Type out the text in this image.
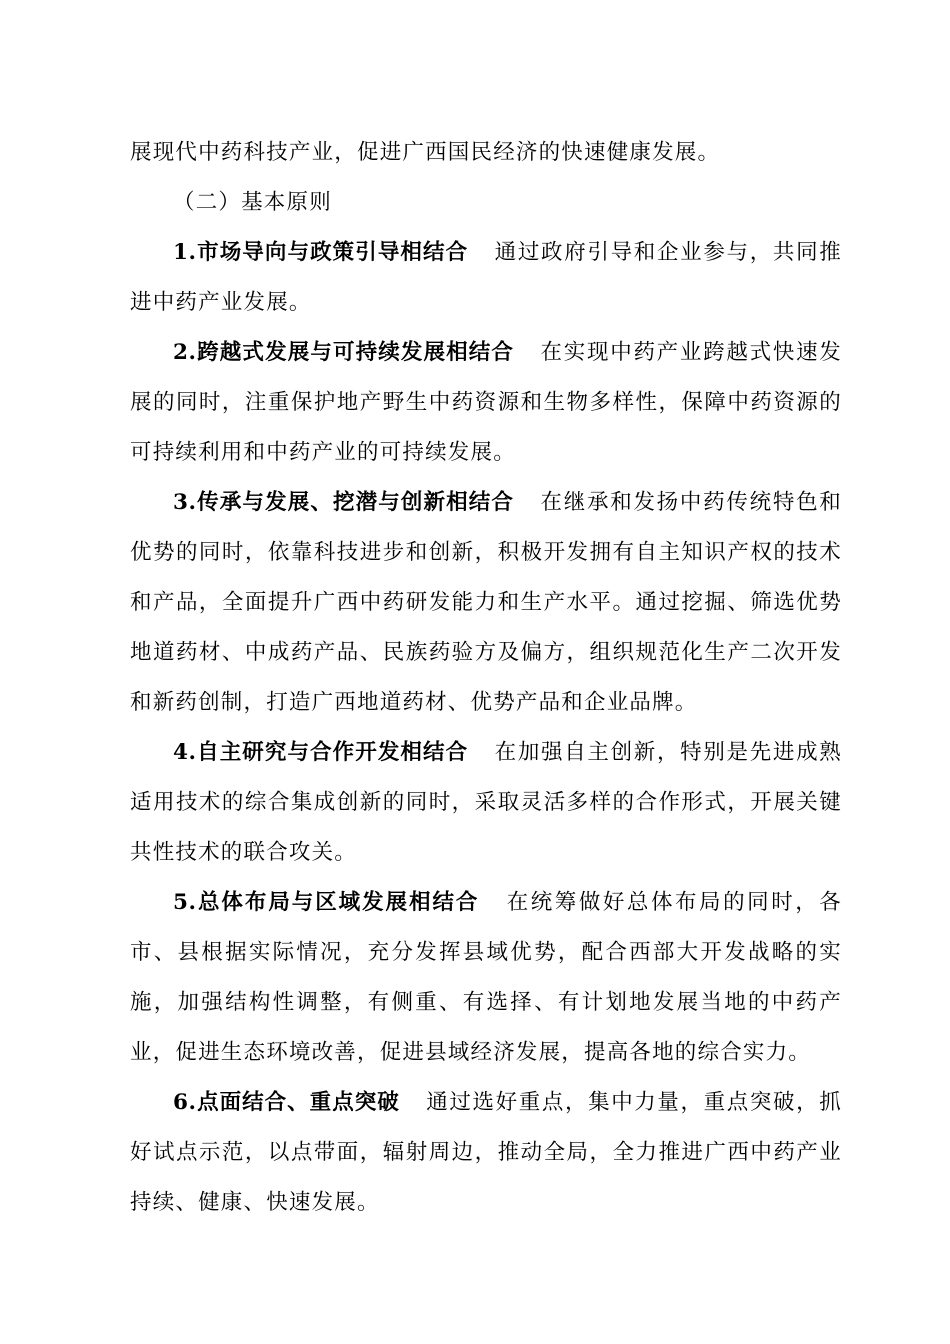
展现代中药科技产业，促进广西国民经济的快速健康发展。

（二）基本原则

1.市场导向与政策引导相结合 通过政府引导和企业参与，共同推进中药产业发展。

2.跨越式发展与可持续发展相结合 在实现中药产业跨越式快速发展的同时，注重保护地产野生中药资源和生物多样性，保障中药资源的可持续利用和中药产业的可持续发展。

3.传承与发展、挖潜与创新相结合 在继承和发扬中药传统特色和优势的同时，依靠科技进步和创新，积极开发拥有自主知识产权的技术和产品，全面提升广西中药研发能力和生产水平。通过挖掘、筛选优势地道药材、中成药产品、民族药验方及偏方，组织规范化生产二次开发和新药创制，打造广西地道药材、优势产品和企业品牌。

4.自主研究与合作开发相结合 在加强自主创新，特别是先进成熟适用技术的综合集成创新的同时，采取灵活多样的合作形式，开展关键共性技术的联合攻关。

5.总体布局与区域发展相结合 在统筹做好总体布局的同时，各市、县根据实际情况，充分发挥县域优势，配合西部大开发战略的实施，加强结构性调整，有侧重、有选择、有计划地发展当地的中药产业，促进生态环境改善，促进县域经济发展，提高各地的综合实力。

6.点面结合、重点突破 通过选好重点，集中力量，重点突破，抓好试点示范，以点带面，辐射周边，推动全局，全力推进广西中药产业持续、健康、快速发展。
